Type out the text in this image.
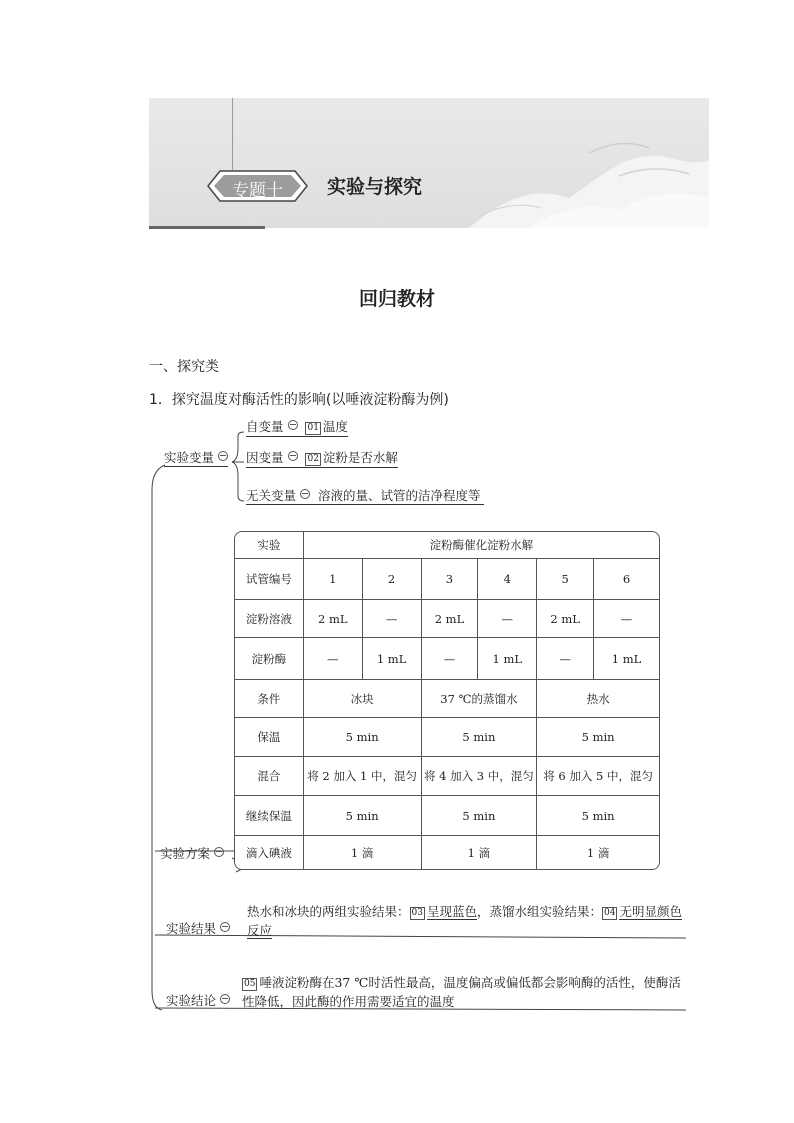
专题十	实验与探究
回归教材
一、探究类
1．探究温度对酶活性的影响(以唾液淀粉酶为例)
实验变量
自变量	01 温度
因变量	02 淀粉是否水解
无关变量 溶液的量、试管的洁净程度等
实验	淀粉酶催化淀粉水解					
试管编号	1	2	3	4	5	6
淀粉溶液	2 mL	—	2 mL	—	2 mL	—
淀粉酶	—	1 mL	—	1 mL	—	1 mL
条件	冰块		37 ℃的蒸馏水		热水	
保温	5 min		5 min		5 min	
混合	将 2 加入 1 中，混匀		将 4 加入 3 中，混匀		将 6 加入 5 中，混匀	
继续保温	5 min		5 min		5 min	
滴入碘液	1 滴		1 滴		1 滴	
实验方案
实验结果
热水和冰块的两组实验结果： 03 呈现蓝色，蒸馏水组实验结果： 04 无明显颜色
反应
实验结论
05 唾液淀粉酶在37 ℃时活性最高，温度偏高或偏低都会影响酶的活性，使酶活
性降低，因此酶的作用需要适宜的温度
